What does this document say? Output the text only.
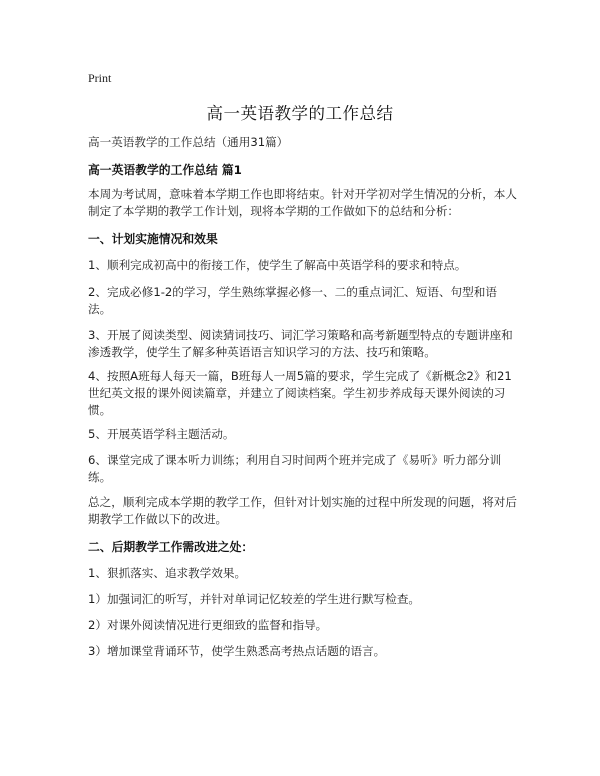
Print
高一英语教学的工作总结

高一英语教学的工作总结（通用31篇）

高一英语教学的工作总结 篇1

本周为考试周，意味着本学期工作也即将结束。针对开学初对学生情况的分析，本人制定了本学期的教学工作计划，现将本学期的工作做如下的总结和分析：

一、计划实施情况和效果

1、顺利完成初高中的衔接工作，使学生了解高中英语学科的要求和特点。

2、完成必修1-2的学习，学生熟练掌握必修一、二的重点词汇、短语、句型和语法。

3、开展了阅读类型、阅读猜词技巧、词汇学习策略和高考新题型特点的专题讲座和渗透教学，使学生了解多种英语语言知识学习的方法、技巧和策略。

4、按照A班每人每天一篇，B班每人一周5篇的要求，学生完成了《新概念2》和21世纪英文报的课外阅读篇章，并建立了阅读档案。学生初步养成每天课外阅读的习惯。

5、开展英语学科主题活动。

6、课堂完成了课本听力训练；利用自习时间两个班并完成了《易听》听力部分训练。

总之，顺利完成本学期的教学工作，但针对计划实施的过程中所发现的问题，将对后期教学工作做以下的改进。

二、后期教学工作需改进之处：

1、狠抓落实、追求教学效果。

1）加强词汇的听写，并针对单词记忆较差的学生进行默写检查。

2）对课外阅读情况进行更细致的监督和指导。

3）增加课堂背诵环节，使学生熟悉高考热点话题的语言。
